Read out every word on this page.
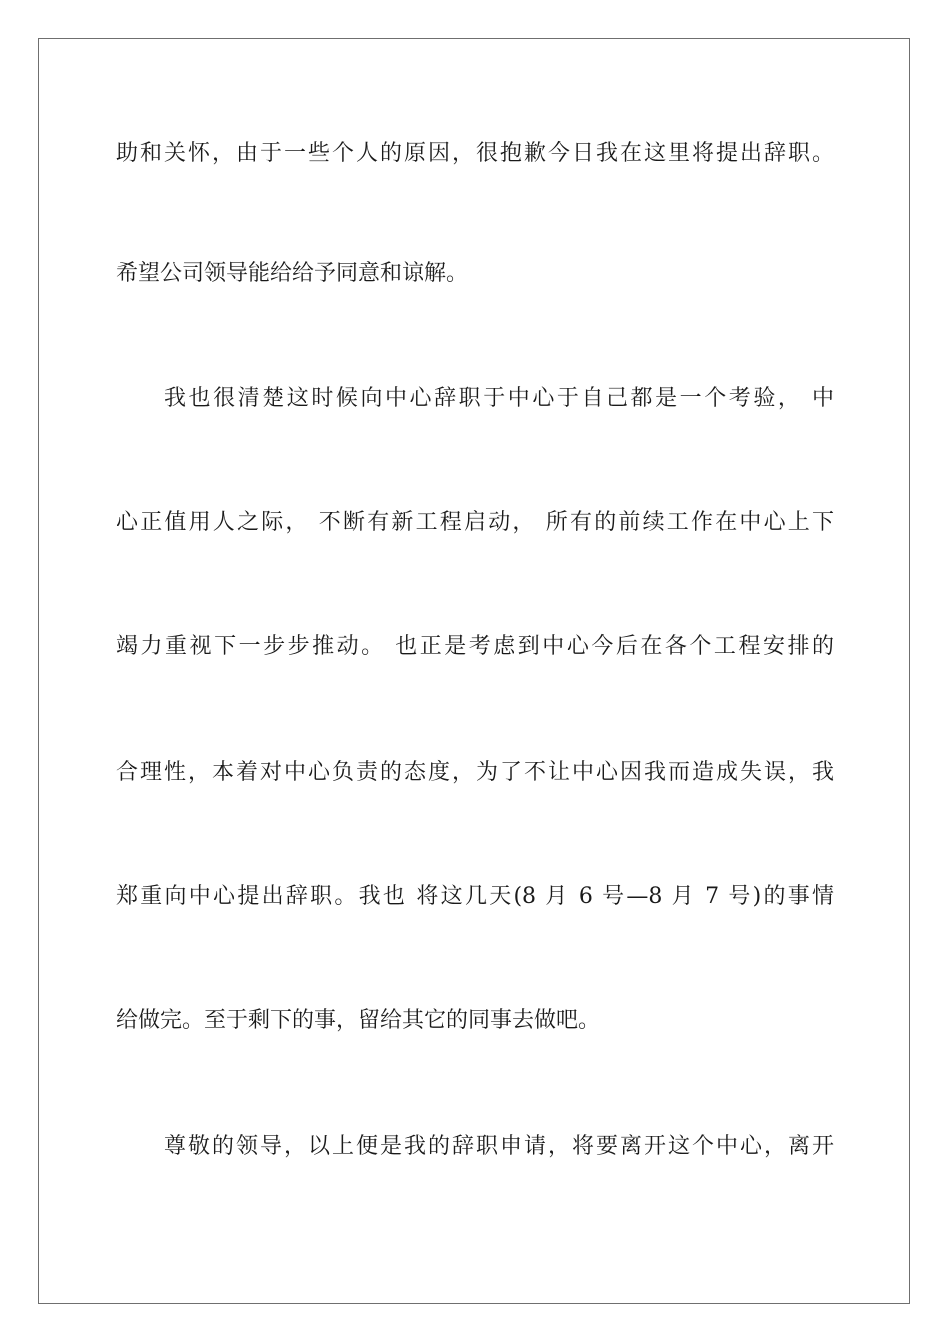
助和关怀，由于一些个人的原因，很抱歉今日我在这里将提出辞职。
希望公司领导能给给予同意和谅解。
我也很清楚这时候向中心辞职于中心于自己都是一个考验， 中
心正值用人之际， 不断有新工程启动， 所有的前续工作在中心上下
竭力重视下一步步推动。 也正是考虑到中心今后在各个工程安排的
合理性，本着对中心负责的态度，为了不让中心因我而造成失误，我
郑重向中心提出辞职。我也 将这几天(8 月 6 号—8 月 7 号)的事情
给做完。至于剩下的事，留给其它的同事去做吧。
尊敬的领导，以上便是我的辞职申请，将要离开这个中心，离开
